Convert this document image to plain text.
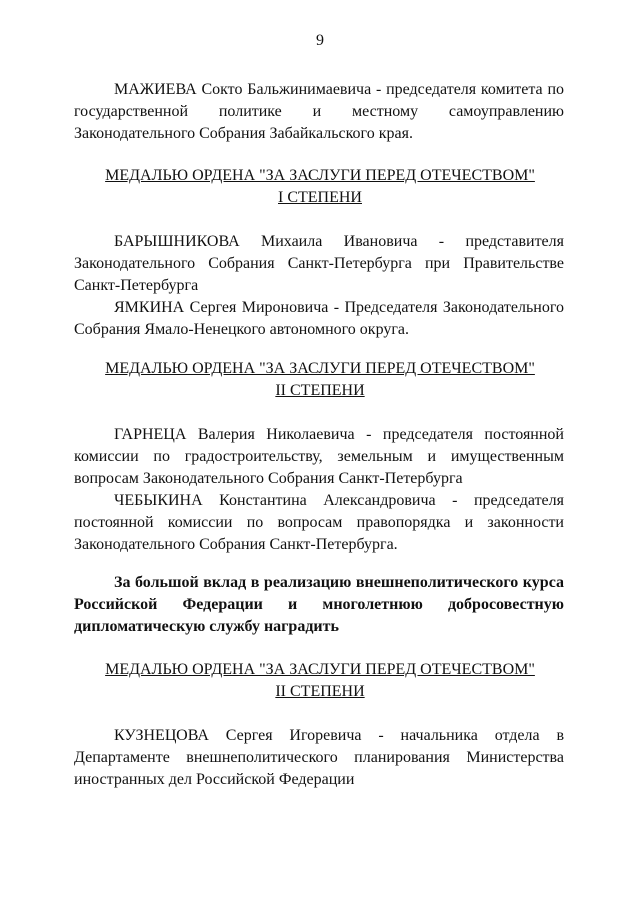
9
МАЖИЕВА Сокто Бальжинимаевича - председателя комитета по государственной политике и местному самоуправлению Законодательного Собрания Забайкальского края.
МЕДАЛЬЮ ОРДЕНА "ЗА ЗАСЛУГИ ПЕРЕД ОТЕЧЕСТВОМ"
I СТЕПЕНИ
БАРЫШНИКОВА Михаила Ивановича - представителя Законодательного Собрания Санкт-Петербурга при Правительстве Санкт-Петербурга
ЯМКИНА Сергея Мироновича - Председателя Законодательного Собрания Ямало-Ненецкого автономного округа.
МЕДАЛЬЮ ОРДЕНА "ЗА ЗАСЛУГИ ПЕРЕД ОТЕЧЕСТВОМ"
II СТЕПЕНИ
ГАРНЕЦА Валерия Николаевича - председателя постоянной комиссии по градостроительству, земельным и имущественным вопросам Законодательного Собрания Санкт-Петербурга
ЧЕБЫКИНА Константина Александровича - председателя постоянной комиссии по вопросам правопорядка и законности Законодательного Собрания Санкт-Петербурга.
За большой вклад в реализацию внешнеполитического курса Российской Федерации и многолетнюю добросовестную дипломатическую службу наградить
МЕДАЛЬЮ ОРДЕНА "ЗА ЗАСЛУГИ ПЕРЕД ОТЕЧЕСТВОМ"
II СТЕПЕНИ
КУЗНЕЦОВА Сергея Игоревича - начальника отдела в Департаменте внешнеполитического планирования Министерства иностранных дел Российской Федерации
